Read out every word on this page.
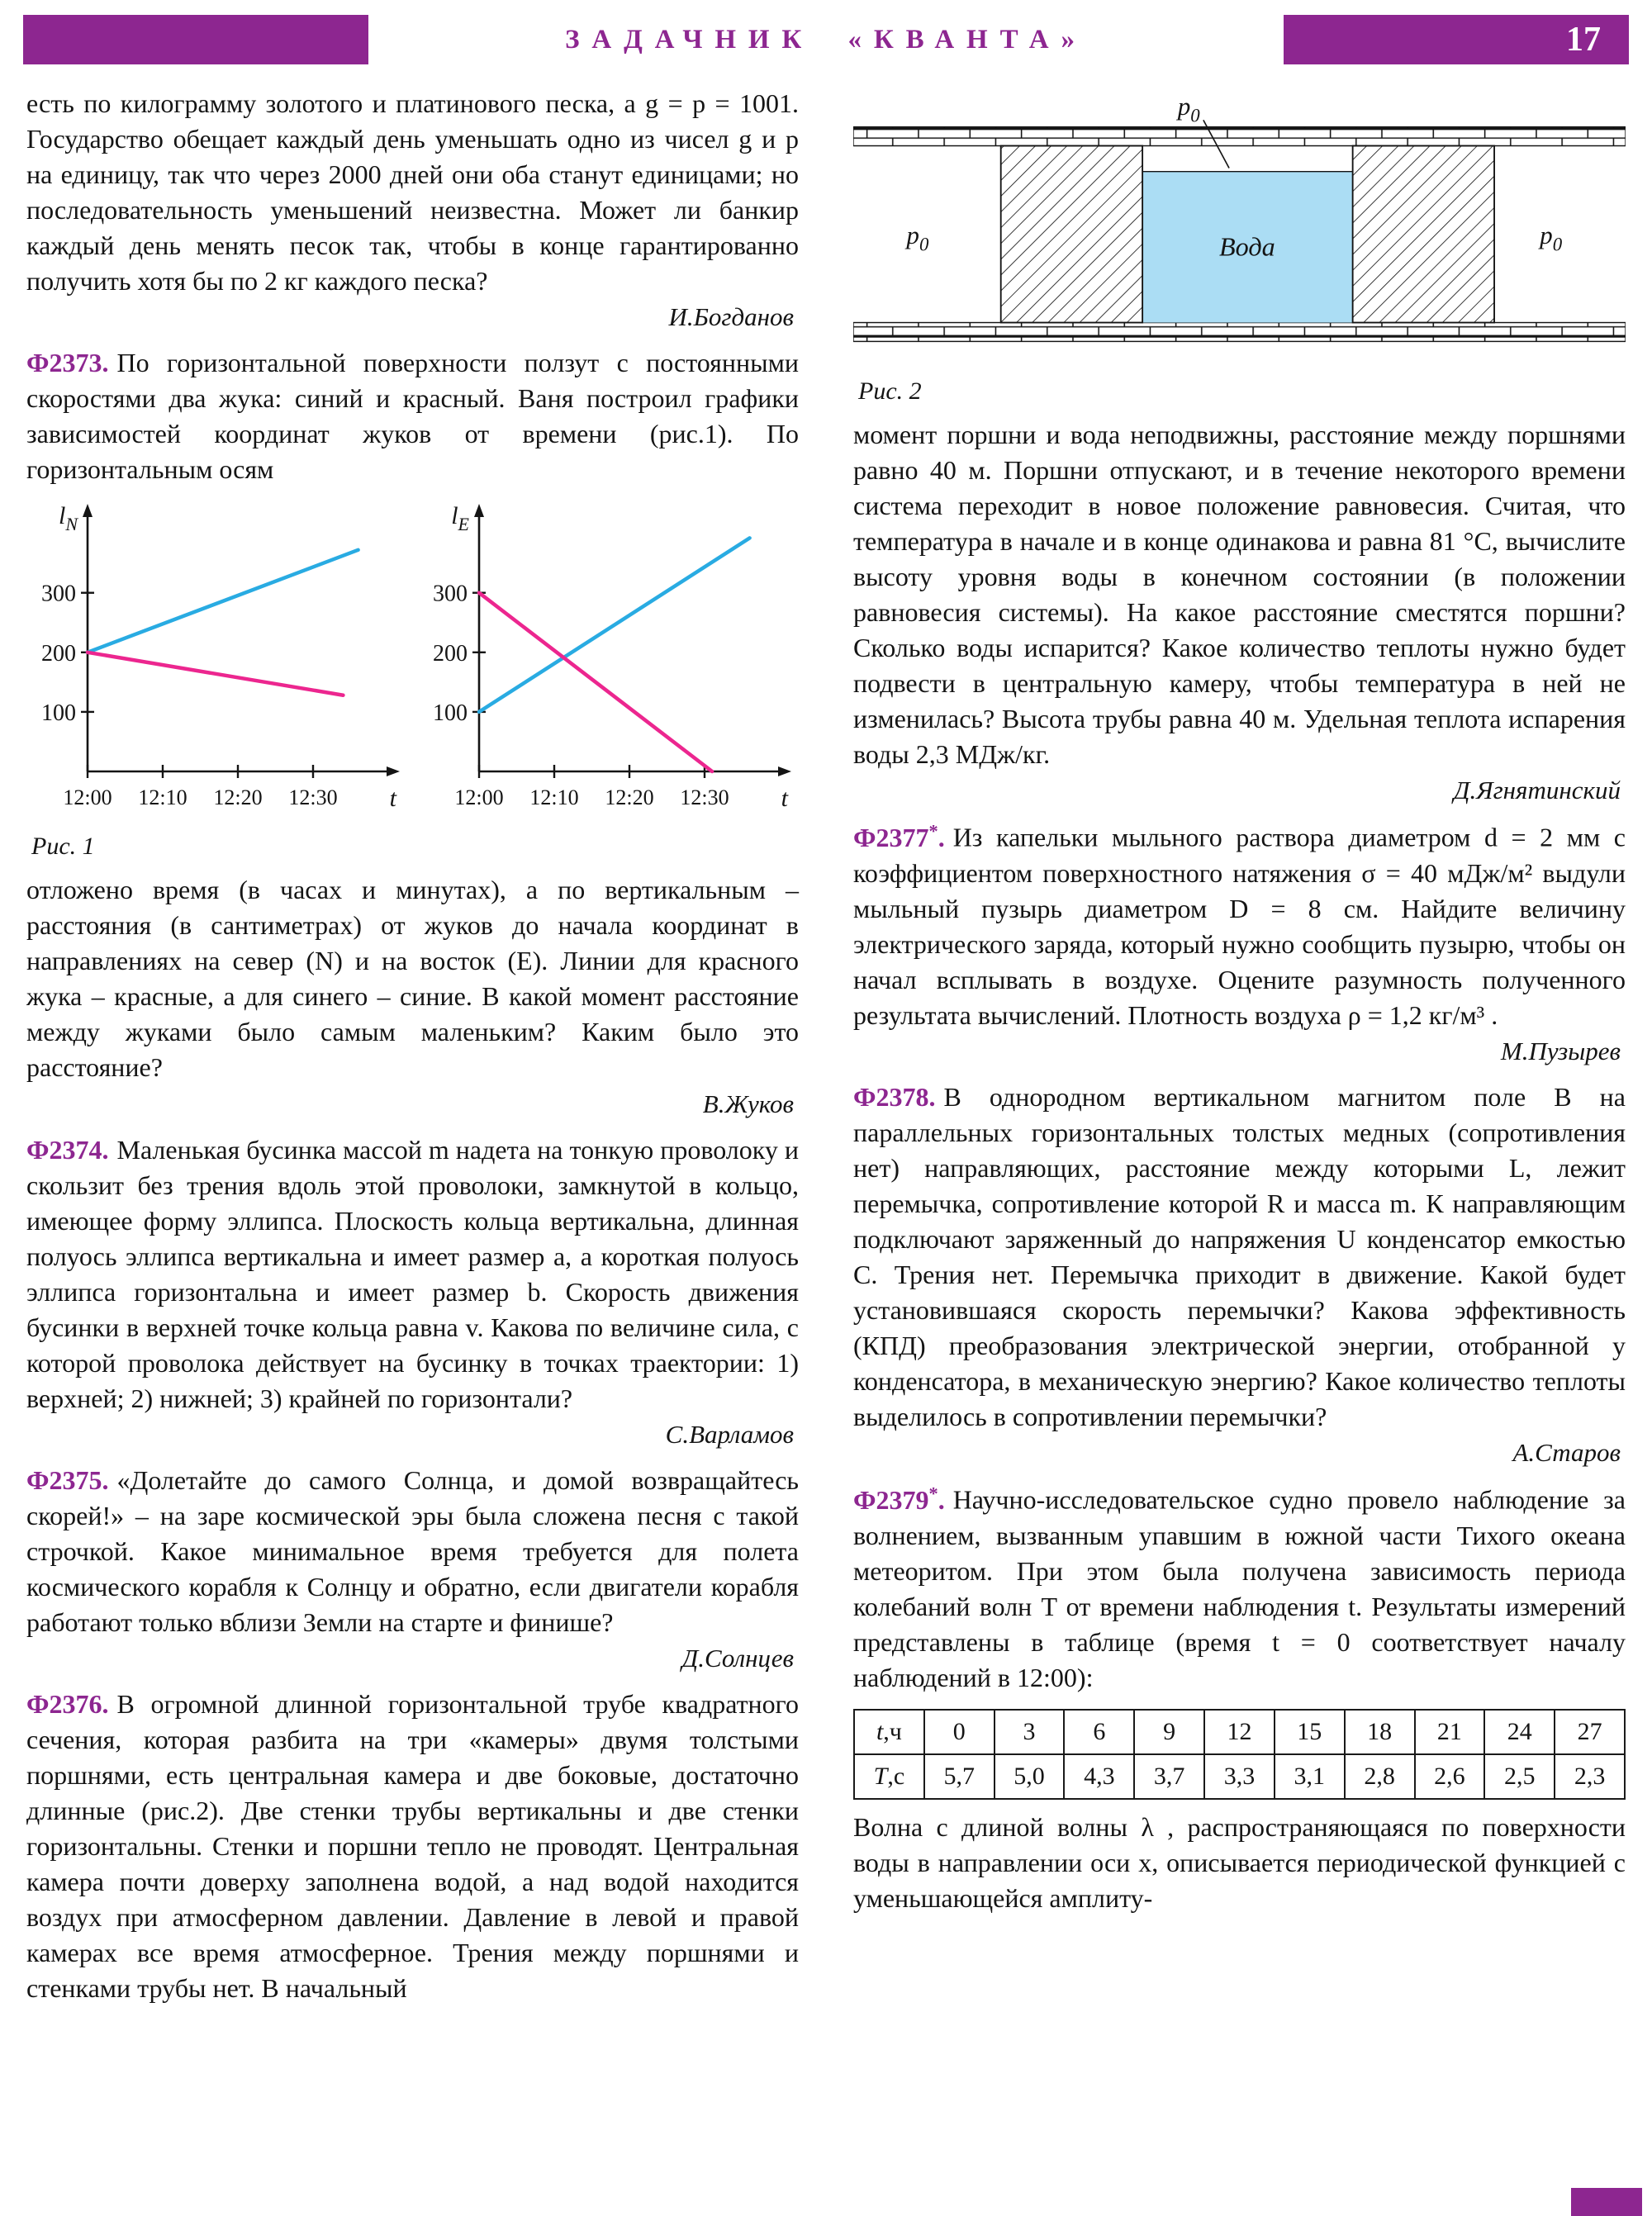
ЗАДАЧНИК «КВАНТА»	17

есть по килограмму золотого и платинового песка, а g = p = 1001. Государство обещает каждый день уменьшать одно из чисел g и p на единицу, так что через 2000 дней они оба станут единицами; но последовательность уменьшений неизвестна. Может ли банкир каждый день менять песок так, чтобы в конце гарантированно получить хотя бы по 2 кг каждого песка?

И.Богданов

Ф2373. По горизонтальной поверхности ползут с постоянными скоростями два жука: синий и красный. Ваня построил графики зависимостей координат жуков от времени (рис.1). По горизонтальным осям

100
200
300
12:00 12:10 12:20 12:30
$l_N$
t
100
200
300
12:00 12:10 12:20 12:30
$l_E$
t
Рис. 1

отложено время (в часах и минутах), а по вертикальным – расстояния (в сантиметрах) от жуков до начала координат в направлениях на север (N) и на восток (E). Линии для красного жука – красные, а для синего – синие. В какой момент расстояние между жуками было самым маленьким? Каким было это расстояние?

В.Жуков

Ф2374. Маленькая бусинка массой m надета на тонкую проволоку и скользит без трения вдоль этой проволоки, замкнутой в кольцо, имеющее форму эллипса. Плоскость кольца вертикальна, длинная полуось эллипса вертикальна и имеет размер a, а короткая полуось эллипса горизонтальна и имеет размер b. Скорость движения бусинки в верхней точке кольца равна v. Какова по величине сила, с которой проволока действует на бусинку в точках траектории: 1) верхней; 2) нижней; 3) крайней по горизонтали?

С.Варламов

Ф2375. «Долетайте до самого Солнца, и домой возвращайтесь скорей!» – на заре космической эры была сложена песня с такой строчкой. Какое минимальное время требуется для полета космического корабля к Солнцу и обратно, если двигатели корабля работают только вблизи Земли на старте и финише?

Д.Солнцев

Ф2376. В огромной длинной горизонтальной трубе квадратного сечения, которая разбита на три «камеры» двумя толстыми поршнями, есть центральная камера и две боковые, достаточно длинные (рис.2). Две стенки трубы вертикальны и две стенки горизонтальны. Стенки и поршни тепло не проводят. Центральная камера почти доверху заполнена водой, а над водой находится воздух при атмосферном давлении. Давление в левой и правой камерах все время атмосферное. Трения между поршнями и стенками трубы нет. В начальный

$p_0$
$p_0$	$p_0$
Вода
Рис. 2

момент поршни и вода неподвижны, расстояние между поршнями равно 40 м. Поршни отпускают, и в течение некоторого времени система переходит в новое положение равновесия. Считая, что температура в начале и в конце одинакова и равна 81 °C, вычислите высоту уровня воды в конечном состоянии (в положении равновесия системы). На какое расстояние сместятся поршни? Сколько воды испарится? Какое количество теплоты нужно будет подвести в центральную камеру, чтобы температура в ней не изменилась? Высота трубы равна 40 м. Удельная теплота испарения воды 2,3 МДж/кг.

Д.Ягнятинский

Ф2377*. Из капельки мыльного раствора диаметром d = 2 мм с коэффициентом поверхностного натяжения σ = 40 мДж/м² выдули мыльный пузырь диаметром D = 8 см. Найдите величину электрического заряда, который нужно сообщить пузырю, чтобы он начал всплывать в воздухе. Оцените разумность полученного результата вычислений. Плотность воздуха ρ = 1,2 кг/м³ .

М.Пузырев

Ф2378. В однородном вертикальном магнитом поле B на параллельных горизонтальных толстых медных (сопротивления нет) направляющих, расстояние между которыми L, лежит перемычка, сопротивление которой R и масса m. К направляющим подключают заряженный до напряжения U конденсатор емкостью C. Трения нет. Перемычка приходит в движение. Какой будет установившаяся скорость перемычки? Какова эффективность (КПД) преобразования электрической энергии, отобранной у конденсатора, в механическую энергию? Какое количество теплоты выделилось в сопротивлении перемычки?

А.Старов

Ф2379*. Научно-исследовательское судно провело наблюдение за волнением, вызванным упавшим в южной части Тихого океана метеоритом. При этом была получена зависимость периода колебаний волн T от времени наблюдения t. Результаты измерений представлены в таблице (время t = 0 соответствует началу наблюдений в 12:00):

t,ч	0	3	6	9	12	15	18	21	24	27
T,с	5,7	5,0	4,3	3,7	3,3	3,1	2,8	2,6	2,5	2,3

Волна с длиной волны λ , распространяющаяся по поверхности воды в направлении оси x, описывается периодической функцией с уменьшающейся амплиту-
